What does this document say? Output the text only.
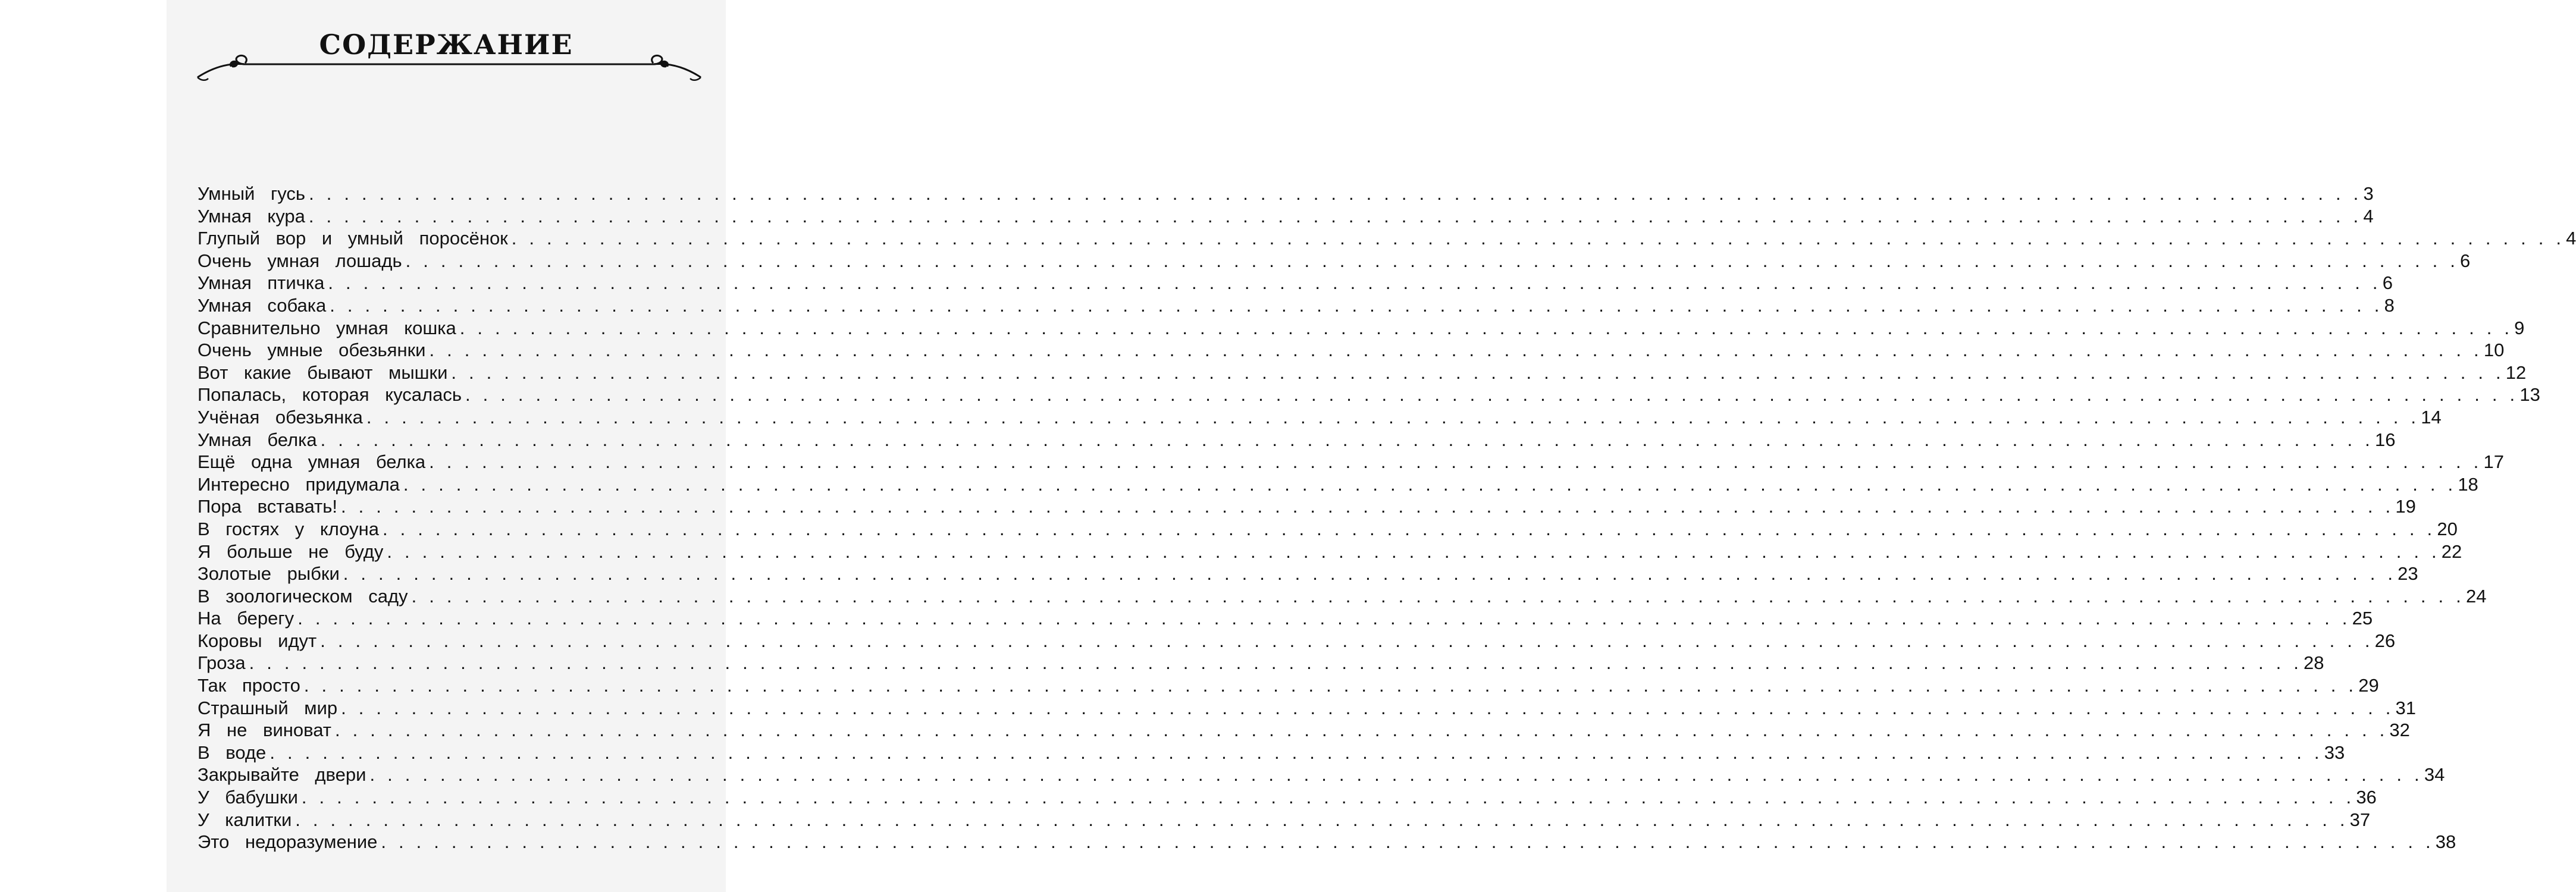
СОДЕРЖАНИЕ
Умный гусь . . . . . . . . . . . . . . . . . . . . . . . . . . . . . . . . . . . . . . . . . . . . . . . . . . . . . . . . . . . . . . . . . . . . . . . . . . . . . . . . . . . . . . . . . . . . . . . . . . . . . . . . . . . . . . . . . . . . . 3
Умная кура . . . . . . . . . . . . . . . . . . . . . . . . . . . . . . . . . . . . . . . . . . . . . . . . . . . . . . . . . . . . . . . . . . . . . . . . . . . . . . . . . . . . . . . . . . . . . . . . . . . . . . . . . . . . . . . . . . . . . 4
Глупый вор и умный поросёнок . . . . . . . . . . . . . . . . . . . . . . . . . . . . . . . . . . . . . . . . . . . . . . . . . . . . . . . . . . . . . . . . . . . . . . . . . . . . . . . . . . . . . . . . . . . . . . . . . . . . . . . . . . . . . . . . . . . . . 4
Очень умная лошадь . . . . . . . . . . . . . . . . . . . . . . . . . . . . . . . . . . . . . . . . . . . . . . . . . . . . . . . . . . . . . . . . . . . . . . . . . . . . . . . . . . . . . . . . . . . . . . . . . . . . . . . . . . . . . . . . . . . . . 6
Умная птичка . . . . . . . . . . . . . . . . . . . . . . . . . . . . . . . . . . . . . . . . . . . . . . . . . . . . . . . . . . . . . . . . . . . . . . . . . . . . . . . . . . . . . . . . . . . . . . . . . . . . . . . . . . . . . . . . . . . . . 6
Умная собака . . . . . . . . . . . . . . . . . . . . . . . . . . . . . . . . . . . . . . . . . . . . . . . . . . . . . . . . . . . . . . . . . . . . . . . . . . . . . . . . . . . . . . . . . . . . . . . . . . . . . . . . . . . . . . . . . . . . . 8
Сравнительно умная кошка . . . . . . . . . . . . . . . . . . . . . . . . . . . . . . . . . . . . . . . . . . . . . . . . . . . . . . . . . . . . . . . . . . . . . . . . . . . . . . . . . . . . . . . . . . . . . . . . . . . . . . . . . . . . . . . . . . . . . 9
Очень умные обезьянки . . . . . . . . . . . . . . . . . . . . . . . . . . . . . . . . . . . . . . . . . . . . . . . . . . . . . . . . . . . . . . . . . . . . . . . . . . . . . . . . . . . . . . . . . . . . . . . . . . . . . . . . . . . . . . . . . . . . . 10
Вот какие бывают мышки . . . . . . . . . . . . . . . . . . . . . . . . . . . . . . . . . . . . . . . . . . . . . . . . . . . . . . . . . . . . . . . . . . . . . . . . . . . . . . . . . . . . . . . . . . . . . . . . . . . . . . . . . . . . . . . . . . . . . 12
Попалась, которая кусалась . . . . . . . . . . . . . . . . . . . . . . . . . . . . . . . . . . . . . . . . . . . . . . . . . . . . . . . . . . . . . . . . . . . . . . . . . . . . . . . . . . . . . . . . . . . . . . . . . . . . . . . . . . . . . . . . . . . . . 13
Учёная обезьянка . . . . . . . . . . . . . . . . . . . . . . . . . . . . . . . . . . . . . . . . . . . . . . . . . . . . . . . . . . . . . . . . . . . . . . . . . . . . . . . . . . . . . . . . . . . . . . . . . . . . . . . . . . . . . . . . . . . . . 14
Умная белка . . . . . . . . . . . . . . . . . . . . . . . . . . . . . . . . . . . . . . . . . . . . . . . . . . . . . . . . . . . . . . . . . . . . . . . . . . . . . . . . . . . . . . . . . . . . . . . . . . . . . . . . . . . . . . . . . . . . . 16
Ещё одна умная белка . . . . . . . . . . . . . . . . . . . . . . . . . . . . . . . . . . . . . . . . . . . . . . . . . . . . . . . . . . . . . . . . . . . . . . . . . . . . . . . . . . . . . . . . . . . . . . . . . . . . . . . . . . . . . . . . . . . . . 17
Интересно придумала . . . . . . . . . . . . . . . . . . . . . . . . . . . . . . . . . . . . . . . . . . . . . . . . . . . . . . . . . . . . . . . . . . . . . . . . . . . . . . . . . . . . . . . . . . . . . . . . . . . . . . . . . . . . . . . . . . . . . 18
Пора вставать! . . . . . . . . . . . . . . . . . . . . . . . . . . . . . . . . . . . . . . . . . . . . . . . . . . . . . . . . . . . . . . . . . . . . . . . . . . . . . . . . . . . . . . . . . . . . . . . . . . . . . . . . . . . . . . . . . . . . . 19
В гостях у клоуна . . . . . . . . . . . . . . . . . . . . . . . . . . . . . . . . . . . . . . . . . . . . . . . . . . . . . . . . . . . . . . . . . . . . . . . . . . . . . . . . . . . . . . . . . . . . . . . . . . . . . . . . . . . . . . . . . . . . . 20
Я больше не буду . . . . . . . . . . . . . . . . . . . . . . . . . . . . . . . . . . . . . . . . . . . . . . . . . . . . . . . . . . . . . . . . . . . . . . . . . . . . . . . . . . . . . . . . . . . . . . . . . . . . . . . . . . . . . . . . . . . . . 22
Золотые рыбки . . . . . . . . . . . . . . . . . . . . . . . . . . . . . . . . . . . . . . . . . . . . . . . . . . . . . . . . . . . . . . . . . . . . . . . . . . . . . . . . . . . . . . . . . . . . . . . . . . . . . . . . . . . . . . . . . . . . . 23
В зоологическом саду . . . . . . . . . . . . . . . . . . . . . . . . . . . . . . . . . . . . . . . . . . . . . . . . . . . . . . . . . . . . . . . . . . . . . . . . . . . . . . . . . . . . . . . . . . . . . . . . . . . . . . . . . . . . . . . . . . . . . 24
На берегу . . . . . . . . . . . . . . . . . . . . . . . . . . . . . . . . . . . . . . . . . . . . . . . . . . . . . . . . . . . . . . . . . . . . . . . . . . . . . . . . . . . . . . . . . . . . . . . . . . . . . . . . . . . . . . . . . . . . . 25
Коровы идут . . . . . . . . . . . . . . . . . . . . . . . . . . . . . . . . . . . . . . . . . . . . . . . . . . . . . . . . . . . . . . . . . . . . . . . . . . . . . . . . . . . . . . . . . . . . . . . . . . . . . . . . . . . . . . . . . . . . . 26
Гроза . . . . . . . . . . . . . . . . . . . . . . . . . . . . . . . . . . . . . . . . . . . . . . . . . . . . . . . . . . . . . . . . . . . . . . . . . . . . . . . . . . . . . . . . . . . . . . . . . . . . . . . . . . . . . . . . . . . . . 28
Так просто . . . . . . . . . . . . . . . . . . . . . . . . . . . . . . . . . . . . . . . . . . . . . . . . . . . . . . . . . . . . . . . . . . . . . . . . . . . . . . . . . . . . . . . . . . . . . . . . . . . . . . . . . . . . . . . . . . . . . 29
Страшный мир . . . . . . . . . . . . . . . . . . . . . . . . . . . . . . . . . . . . . . . . . . . . . . . . . . . . . . . . . . . . . . . . . . . . . . . . . . . . . . . . . . . . . . . . . . . . . . . . . . . . . . . . . . . . . . . . . . . . . 31
Я не виноват . . . . . . . . . . . . . . . . . . . . . . . . . . . . . . . . . . . . . . . . . . . . . . . . . . . . . . . . . . . . . . . . . . . . . . . . . . . . . . . . . . . . . . . . . . . . . . . . . . . . . . . . . . . . . . . . . . . . . 32
В воде . . . . . . . . . . . . . . . . . . . . . . . . . . . . . . . . . . . . . . . . . . . . . . . . . . . . . . . . . . . . . . . . . . . . . . . . . . . . . . . . . . . . . . . . . . . . . . . . . . . . . . . . . . . . . . . . . . . . . 33
Закрывайте двери . . . . . . . . . . . . . . . . . . . . . . . . . . . . . . . . . . . . . . . . . . . . . . . . . . . . . . . . . . . . . . . . . . . . . . . . . . . . . . . . . . . . . . . . . . . . . . . . . . . . . . . . . . . . . . . . . . . . . 34
У бабушки . . . . . . . . . . . . . . . . . . . . . . . . . . . . . . . . . . . . . . . . . . . . . . . . . . . . . . . . . . . . . . . . . . . . . . . . . . . . . . . . . . . . . . . . . . . . . . . . . . . . . . . . . . . . . . . . . . . . . 36
У калитки . . . . . . . . . . . . . . . . . . . . . . . . . . . . . . . . . . . . . . . . . . . . . . . . . . . . . . . . . . . . . . . . . . . . . . . . . . . . . . . . . . . . . . . . . . . . . . . . . . . . . . . . . . . . . . . . . . . . . 37
Это недоразумение . . . . . . . . . . . . . . . . . . . . . . . . . . . . . . . . . . . . . . . . . . . . . . . . . . . . . . . . . . . . . . . . . . . . . . . . . . . . . . . . . . . . . . . . . . . . . . . . . . . . . . . . . . . . . . . . . . . . . 38
